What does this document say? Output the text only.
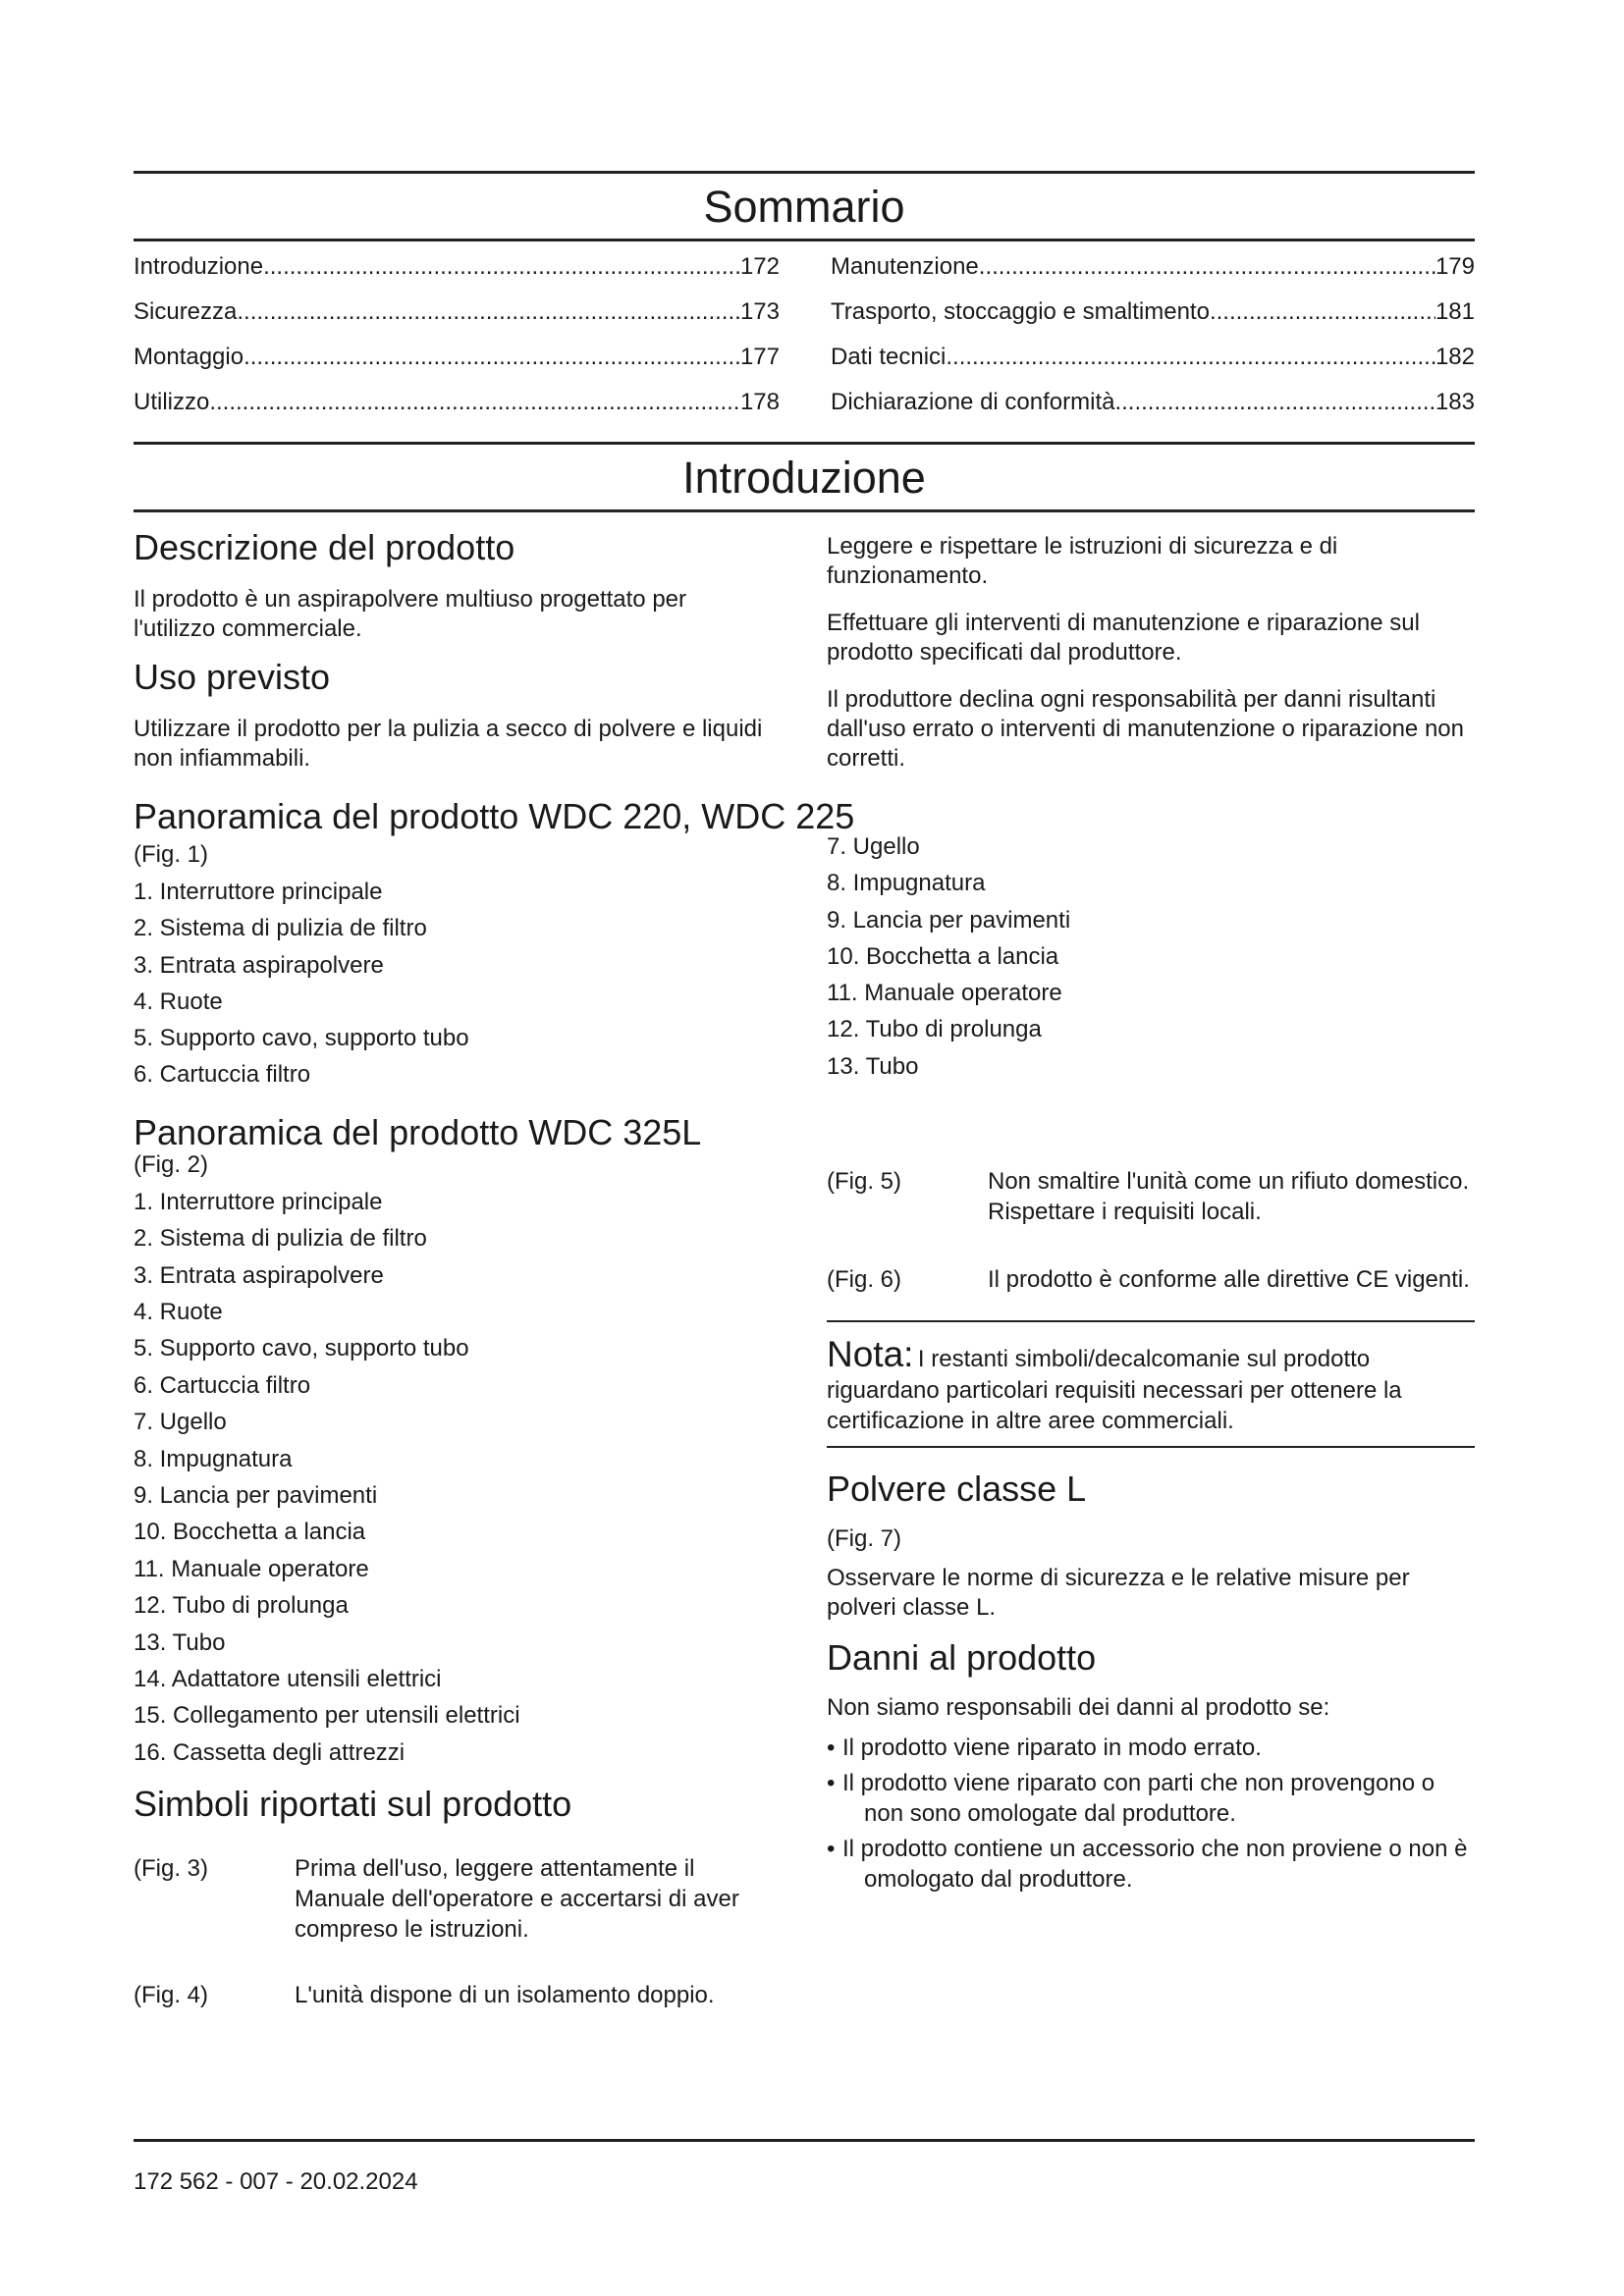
Sommario
Introduzione .....	172
Sicurezza .....	173
Montaggio .....	177
Utilizzo .....	178
Manutenzione .....	179
Trasporto, stoccaggio e smaltimento .....	181
Dati tecnici .....	182
Dichiarazione di conformità .....	183
Introduzione
Descrizione del prodotto

Il prodotto è un aspirapolvere multiuso progettato per l'utilizzo commerciale.

Uso previsto

Utilizzare il prodotto per la pulizia a secco di polvere e liquidi non infiammabili.

Leggere e rispettare le istruzioni di sicurezza e di funzionamento.

Effettuare gli interventi di manutenzione e riparazione sul prodotto specificati dal produttore.

Il produttore declina ogni responsabilità per danni risultanti dall'uso errato o interventi di manutenzione o riparazione non corretti.

Panoramica del prodotto WDC 220, WDC 225

(Fig. 1)

1. Interruttore principale
2. Sistema di pulizia de filtro
3. Entrata aspirapolvere
4. Ruote
5. Supporto cavo, supporto tubo
6. Cartuccia filtro
7. Ugello
8. Impugnatura
9. Lancia per pavimenti
10. Bocchetta a lancia
11. Manuale operatore
12. Tubo di prolunga
13. Tubo
Panoramica del prodotto WDC 325L

(Fig. 2)

1. Interruttore principale
2. Sistema di pulizia de filtro
3. Entrata aspirapolvere
4. Ruote
5. Supporto cavo, supporto tubo
6. Cartuccia filtro
7. Ugello
8. Impugnatura
9. Lancia per pavimenti
10. Bocchetta a lancia
11. Manuale operatore
12. Tubo di prolunga
13. Tubo
14. Adattatore utensili elettrici
15. Collegamento per utensili elettrici
16. Cassetta degli attrezzi
Simboli riportati sul prodotto
(Fig. 3)	Prima dell'uso, leggere attentamente il Manuale dell'operatore e accertarsi di aver compreso le istruzioni.
(Fig. 4)	L'unità dispone di un isolamento doppio.
(Fig. 5)	Non smaltire l'unità come un rifiuto domestico. Rispettare i requisiti locali.
(Fig. 6)	Il prodotto è conforme alle direttive CE vigenti.
Nota: I restanti simboli/decalcomanie sul prodotto riguardano particolari requisiti necessari per ottenere la certificazione in altre aree commerciali.
Polvere classe L

(Fig. 7)

Osservare le norme di sicurezza e le relative misure per polveri classe L.

Danni al prodotto

Non siamo responsabili dei danni al prodotto se:

• Il prodotto viene riparato in modo errato.
• Il prodotto viene riparato con parti che non provengono o non sono omologate dal produttore.
• Il prodotto contiene un accessorio che non proviene o non è omologato dal produttore.
172 562 - 007 - 20.02.2024
